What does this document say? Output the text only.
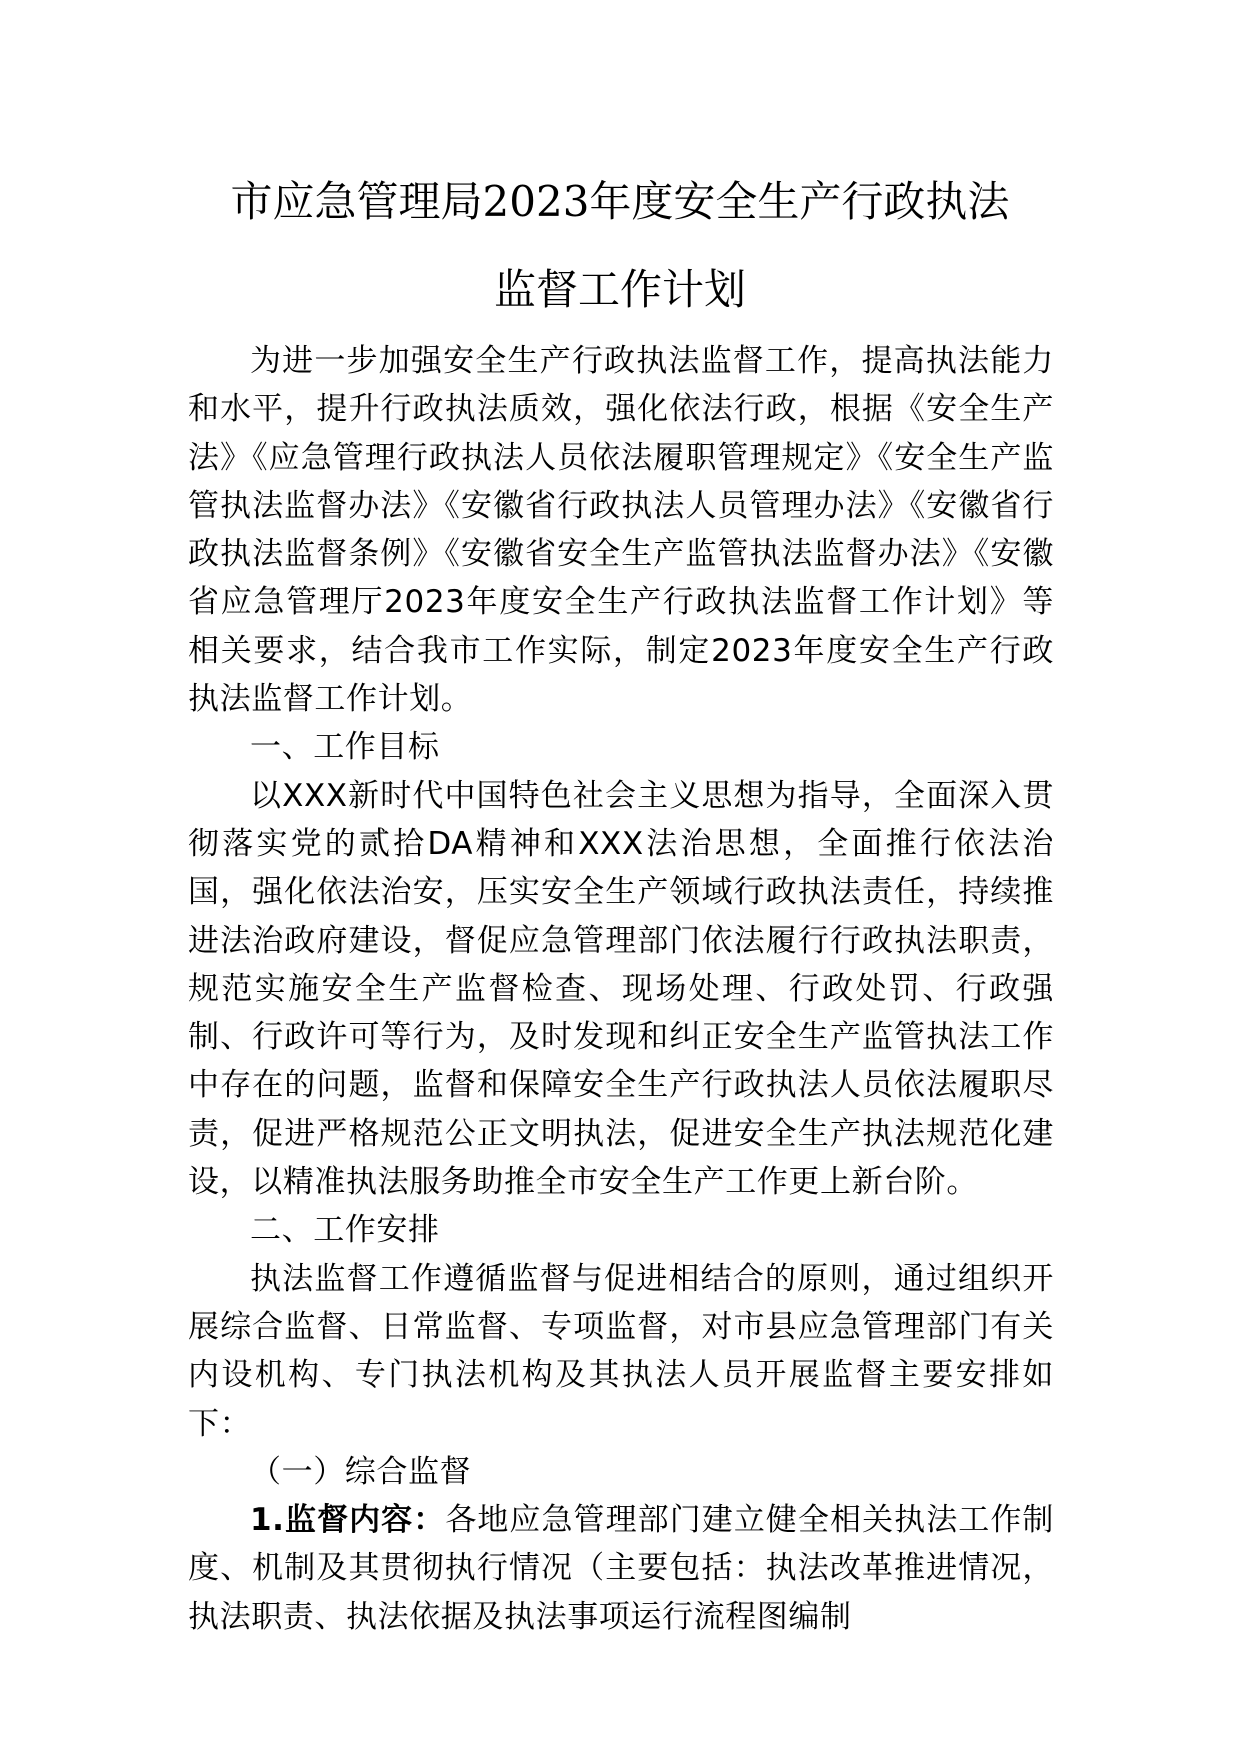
市应急管理局2023年度安全生产行政执法
监督工作计划

为进一步加强安全生产行政执法监督工作，提高执法能力和水平，提升行政执法质效，强化依法行政，根据《安全生产法》《应急管理行政执法人员依法履职管理规定》《安全生产监管执法监督办法》《安徽省行政执法人员管理办法》《安徽省行政执法监督条例》《安徽省安全生产监管执法监督办法》《安徽省应急管理厅2023年度安全生产行政执法监督工作计划》等相关要求，结合我市工作实际，制定2023年度安全生产行政执法监督工作计划。

一、工作目标

以XXX新时代中国特色社会主义思想为指导，全面深入贯彻落实党的贰拾DA精神和XXX法治思想，全面推行依法治国，强化依法治安，压实安全生产领域行政执法责任，持续推进法治政府建设，督促应急管理部门依法履行行政执法职责，规范实施安全生产监督检查、现场处理、行政处罚、行政强制、行政许可等行为，及时发现和纠正安全生产监管执法工作中存在的问题，监督和保障安全生产行政执法人员依法履职尽责，促进严格规范公正文明执法，促进安全生产执法规范化建设，以精准执法服务助推全市安全生产工作更上新台阶。

二、工作安排

执法监督工作遵循监督与促进相结合的原则，通过组织开展综合监督、日常监督、专项监督，对市县应急管理部门有关内设机构、专门执法机构及其执法人员开展监督主要安排如下：

（一）综合监督

1.监督内容：各地应急管理部门建立健全相关执法工作制度、机制及其贯彻执行情况（主要包括：执法改革推进情况，执法职责、执法依据及执法事项运行流程图编制
